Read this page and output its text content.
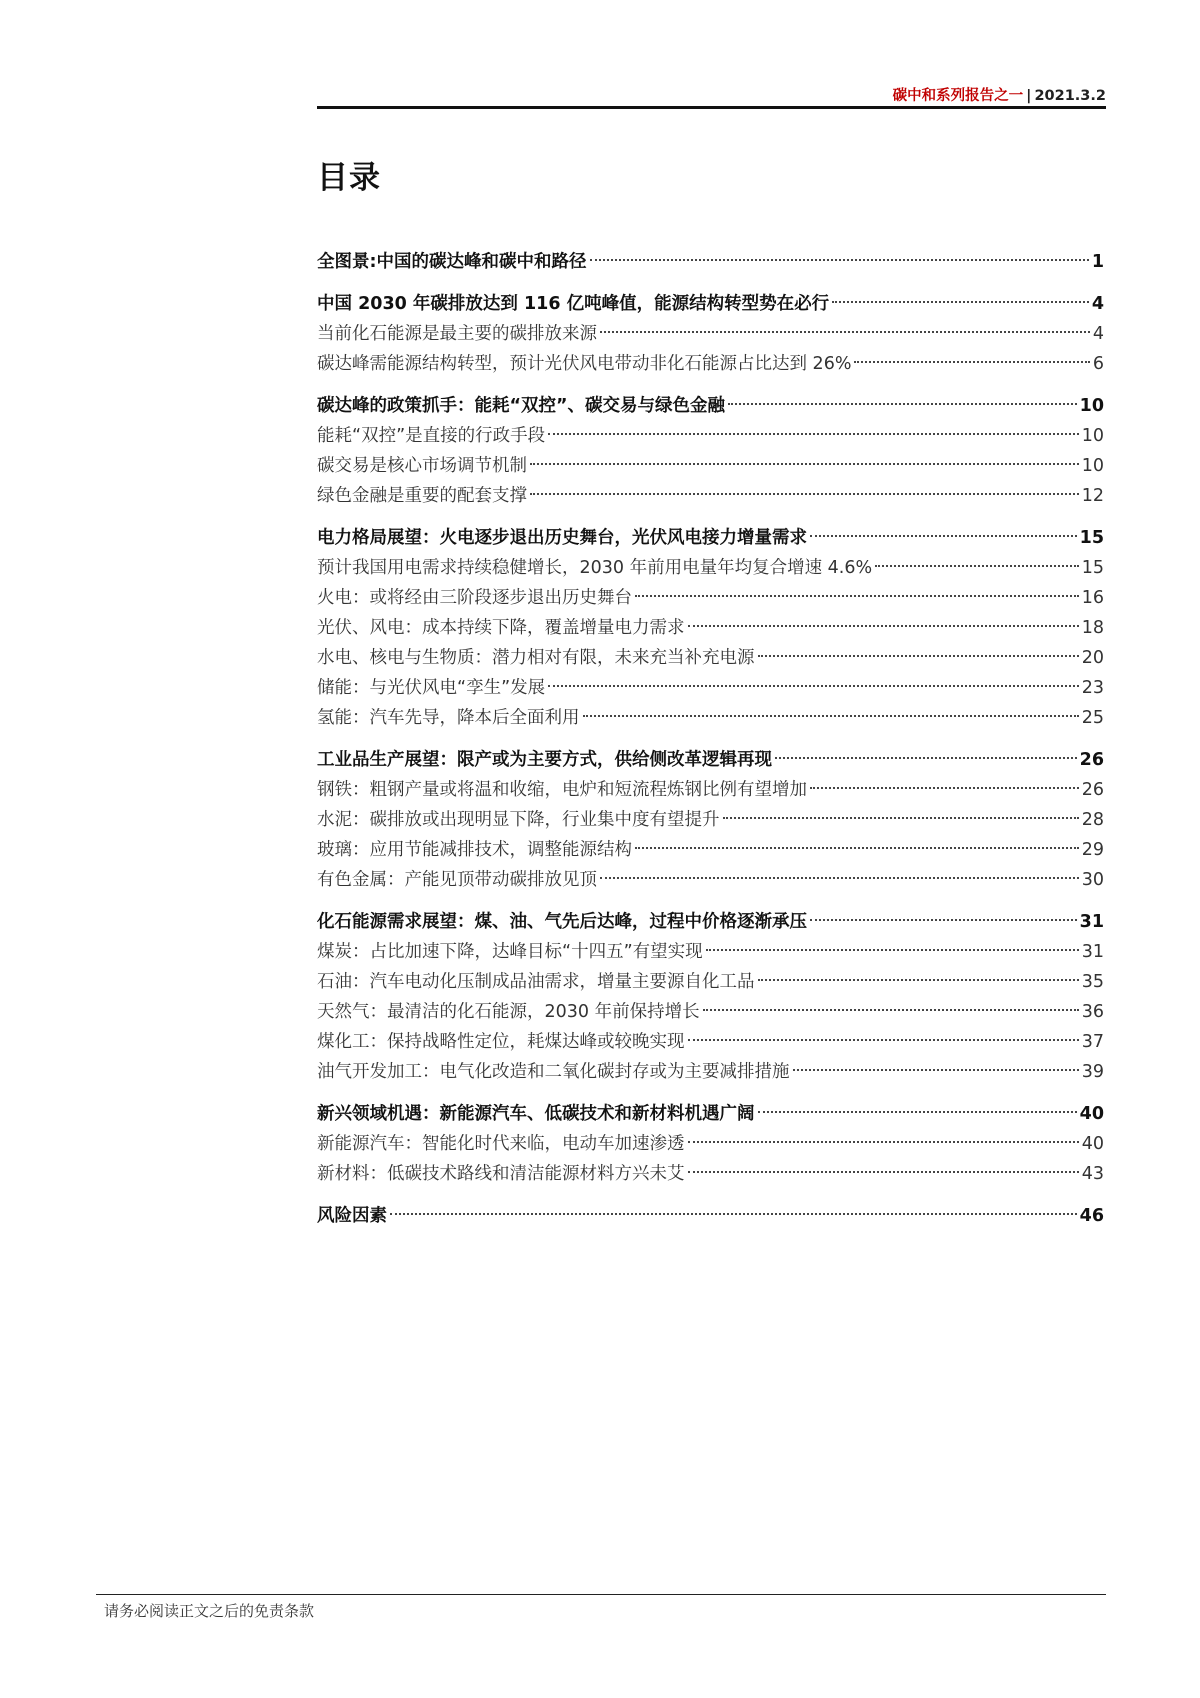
碳中和系列报告之一 | 2021.3.2
目录
全图景:中国的碳达峰和碳中和路径	1
中国 2030 年碳排放达到 116 亿吨峰值，能源结构转型势在必行	4
当前化石能源是最主要的碳排放来源	4
碳达峰需能源结构转型，预计光伏风电带动非化石能源占比达到 26%	6
碳达峰的政策抓手：能耗“双控”、碳交易与绿色金融	10
能耗“双控”是直接的行政手段	10
碳交易是核心市场调节机制	10
绿色金融是重要的配套支撑	12
电力格局展望：火电逐步退出历史舞台，光伏风电接力增量需求	15
预计我国用电需求持续稳健增长，2030 年前用电量年均复合增速 4.6%	15
火电：或将经由三阶段逐步退出历史舞台	16
光伏、风电：成本持续下降，覆盖增量电力需求	18
水电、核电与生物质：潜力相对有限，未来充当补充电源	20
储能：与光伏风电“孪生”发展	23
氢能：汽车先导，降本后全面利用	25
工业品生产展望：限产或为主要方式，供给侧改革逻辑再现	26
钢铁：粗钢产量或将温和收缩，电炉和短流程炼钢比例有望增加	26
水泥：碳排放或出现明显下降，行业集中度有望提升	28
玻璃：应用节能减排技术，调整能源结构	29
有色金属：产能见顶带动碳排放见顶	30
化石能源需求展望：煤、油、气先后达峰，过程中价格逐渐承压	31
煤炭：占比加速下降，达峰目标“十四五”有望实现	31
石油：汽车电动化压制成品油需求，增量主要源自化工品	35
天然气：最清洁的化石能源，2030 年前保持增长	36
煤化工：保持战略性定位，耗煤达峰或较晚实现	37
油气开发加工：电气化改造和二氧化碳封存或为主要减排措施	39
新兴领域机遇：新能源汽车、低碳技术和新材料机遇广阔	40
新能源汽车：智能化时代来临，电动车加速渗透	40
新材料：低碳技术路线和清洁能源材料方兴未艾	43
风险因素	46
请务必阅读正文之后的免责条款
